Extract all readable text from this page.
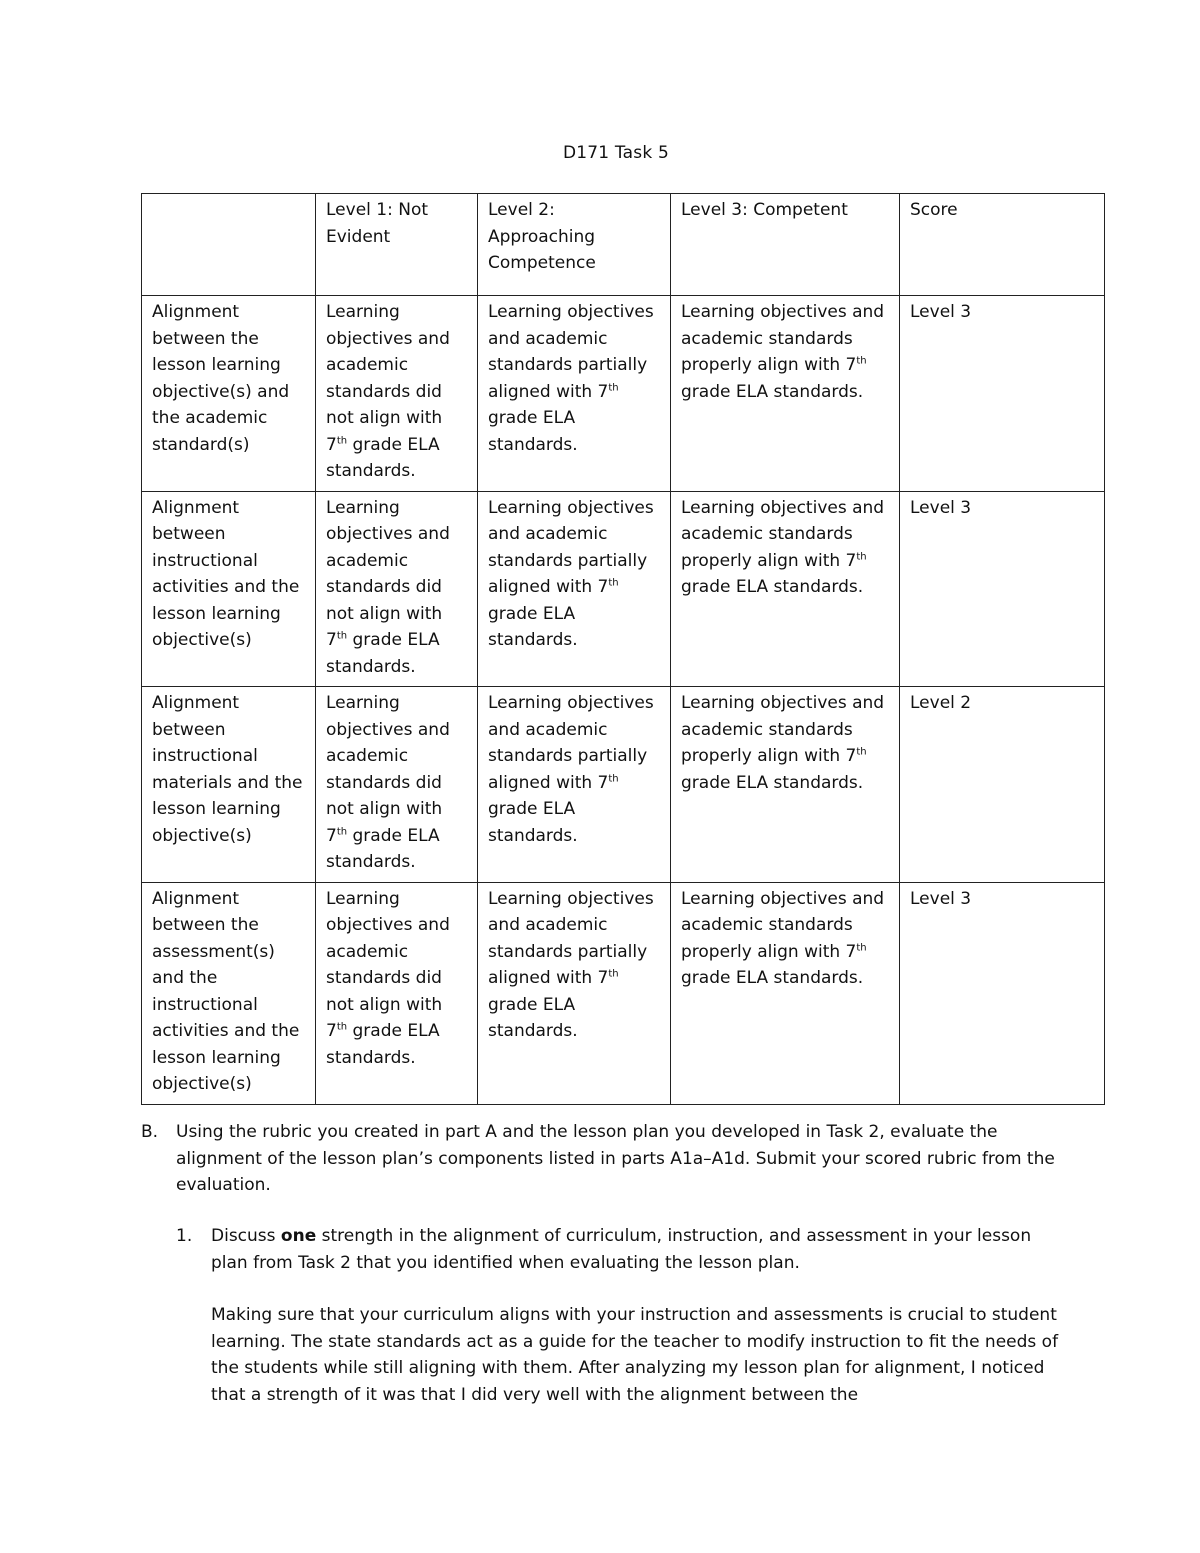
D171 Task 5
	Level 1: Not Evident	Level 2: Approaching Competence	Level 3: Competent	Score
Alignment between the lesson learning objective(s) and the academic standard(s)	Learning objectives and academic standards did not align with 7th grade ELA standards.	Learning objectives and academic standards partially aligned with 7th grade ELA standards.	Learning objectives and academic standards properly align with 7th grade ELA standards.	Level 3
Alignment between instructional activities and the lesson learning objective(s)	Learning objectives and academic standards did not align with 7th grade ELA standards.	Learning objectives and academic standards partially aligned with 7th grade ELA standards.	Learning objectives and academic standards properly align with 7th grade ELA standards.	Level 3
Alignment between instructional materials and the lesson learning objective(s)	Learning objectives and academic standards did not align with 7th grade ELA standards.	Learning objectives and academic standards partially aligned with 7th grade ELA standards.	Learning objectives and academic standards properly align with 7th grade ELA standards.	Level 2
Alignment between the assessment(s) and the instructional activities and the lesson learning objective(s)	Learning objectives and academic standards did not align with 7th grade ELA standards.	Learning objectives and academic standards partially aligned with 7th grade ELA standards.	Learning objectives and academic standards properly align with 7th grade ELA standards.	Level 3
B. Using the rubric you created in part A and the lesson plan you developed in Task 2, evaluate the alignment of the lesson plan’s components listed in parts A1a–A1d. Submit your scored rubric from the evaluation.
1. Discuss one strength in the alignment of curriculum, instruction, and assessment in your lesson plan from Task 2 that you identified when evaluating the lesson plan.
Making sure that your curriculum aligns with your instruction and assessments is crucial to student learning. The state standards act as a guide for the teacher to modify instruction to fit the needs of the students while still aligning with them. After analyzing my lesson plan for alignment, I noticed that a strength of it was that I did very well with the alignment between the
